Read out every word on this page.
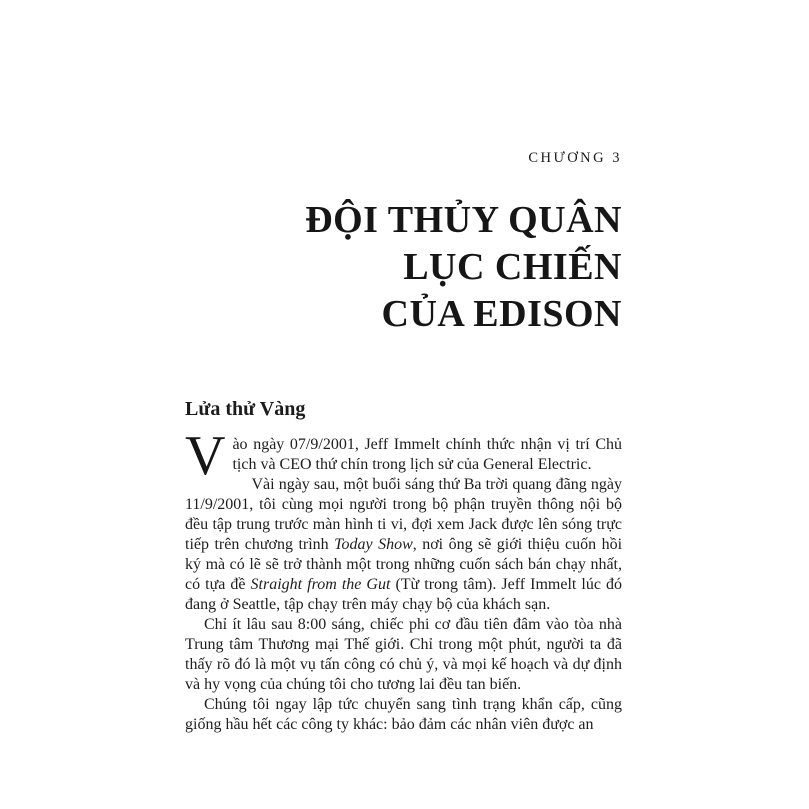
CHƯƠNG 3
ĐỘI THỦY QUÂN
LỤC CHIẾN
CỦA EDISON
Lửa thử Vàng

Vào ngày 07/9/2001, Jeff Immelt chính thức nhận vị trí Chủ tịch và CEO thứ chín trong lịch sử của General Electric.

Vài ngày sau, một buổi sáng thứ Ba trời quang đãng ngày 11/9/2001, tôi cùng mọi người trong bộ phận truyền thông nội bộ đều tập trung trước màn hình ti vi, đợi xem Jack được lên sóng trực tiếp trên chương trình Today Show, nơi ông sẽ giới thiệu cuốn hồi ký mà có lẽ sẽ trở thành một trong những cuốn sách bán chạy nhất, có tựa đề Straight from the Gut (Từ trong tâm). Jeff Immelt lúc đó đang ở Seattle, tập chạy trên máy chạy bộ của khách sạn.

Chỉ ít lâu sau 8:00 sáng, chiếc phi cơ đầu tiên đâm vào tòa nhà Trung tâm Thương mại Thế giới. Chỉ trong một phút, người ta đã thấy rõ đó là một vụ tấn công có chủ ý, và mọi kế hoạch và dự định và hy vọng của chúng tôi cho tương lai đều tan biến.

Chúng tôi ngay lập tức chuyển sang tình trạng khẩn cấp, cũng giống hầu hết các công ty khác: bảo đảm các nhân viên được an
